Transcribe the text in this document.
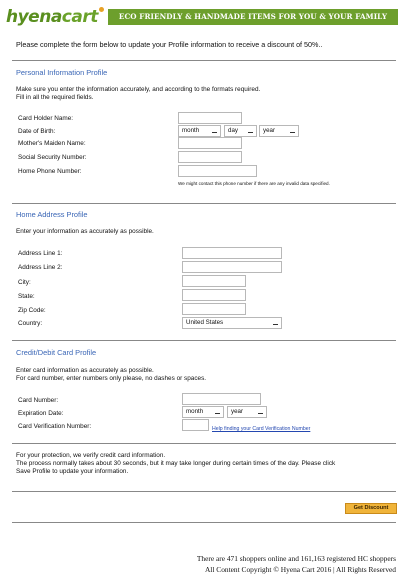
hyenacart	ECO FRIENDLY & HANDMADE ITEMS FOR YOU & YOUR FAMILY
Please complete the form below to update your Profile information to receive a discount of 50%..
Personal Information Profile
Make sure you enter the information accurately, and according to the formats required.
Fill in all the required fields.
Card Holder Name:
Date of Birth:	month	day	year
Mother's Maiden Name:
Social Security Number:
Home Phone Number:
We might contact this phone number if there are any invalid data specified.
Home Address Profile
Enter your information as accurately as possible.
Address Line 1:
Address Line 2:
City:
State:
Zip Code:
Country:	United States
Credit/Debit Card Profile
Enter card information as accurately as possible.
For card number, enter numbers only please, no dashes or spaces.
Card Number:
Expiration Date:	month	year
Card Verification Number:	Help finding your Card Verification Number
For your protection, we verify credit card information.
The process normally takes about 30 seconds, but it may take longer during certain times of the day. Please click
Save Profile to update your information.
Get Discount
There are 471 shoppers online and 161,163 registered HC shoppers
All Content Copyright © Hyena Cart 2016 | All Rights Reserved
